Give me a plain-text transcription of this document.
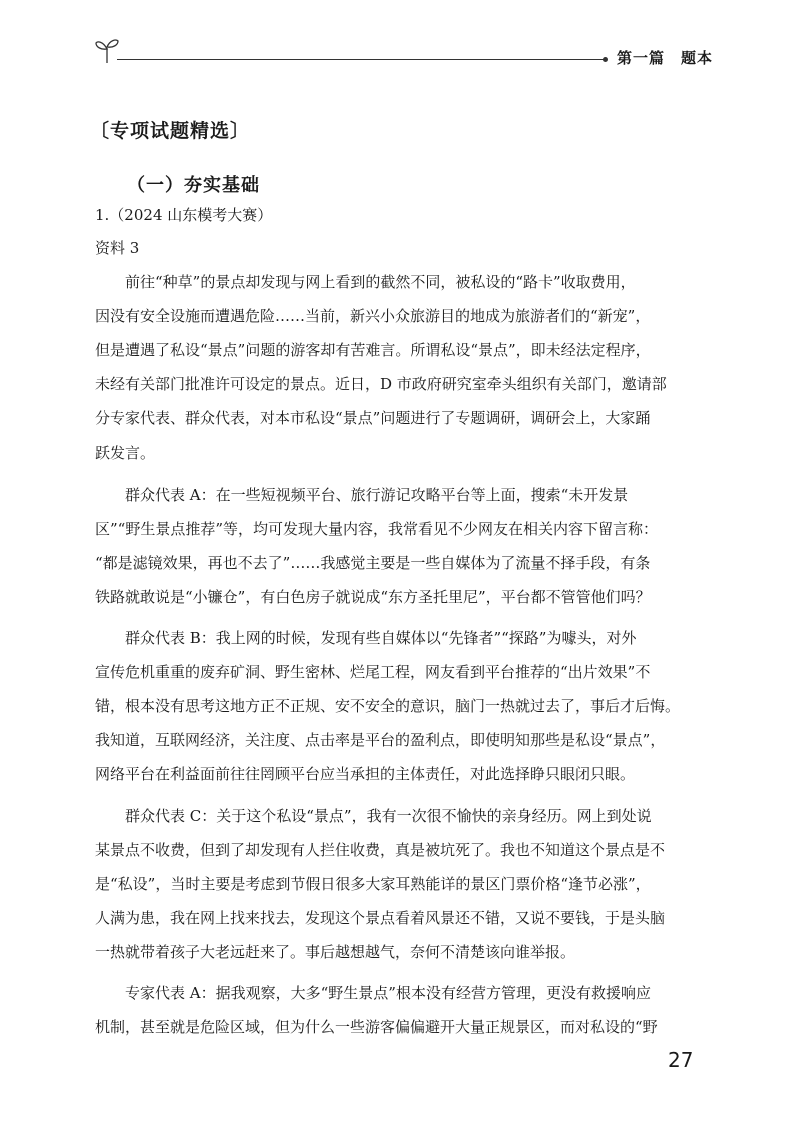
第一篇　题本
〔专项试题精选〕
（一）夯实基础
1.（2024 山东模考大赛）
资料 3
　　前往“种草”的景点却发现与网上看到的截然不同，被私设的“路卡”收取费用，
因没有安全设施而遭遇危险……当前，新兴小众旅游目的地成为旅游者们的“新宠”，
但是遭遇了私设“景点”问题的游客却有苦难言。所谓私设“景点”，即未经法定程序，
未经有关部门批准许可设定的景点。近日，D 市政府研究室牵头组织有关部门，邀请部
分专家代表、群众代表，对本市私设“景点”问题进行了专题调研，调研会上，大家踊
跃发言。
　　群众代表 A：在一些短视频平台、旅行游记攻略平台等上面，搜索“未开发景
区”“野生景点推荐”等，均可发现大量内容，我常看见不少网友在相关内容下留言称：
“都是滤镜效果，再也不去了”……我感觉主要是一些自媒体为了流量不择手段，有条
铁路就敢说是“小镰仓”，有白色房子就说成“东方圣托里尼”，平台都不管管他们吗？
　　群众代表 B：我上网的时候，发现有些自媒体以“先锋者”“探路”为噱头，对外
宣传危机重重的废弃矿洞、野生密林、烂尾工程，网友看到平台推荐的“出片效果”不
错，根本没有思考这地方正不正规、安不安全的意识，脑门一热就过去了，事后才后悔。
我知道，互联网经济，关注度、点击率是平台的盈利点，即使明知那些是私设“景点”，
网络平台在利益面前往往罔顾平台应当承担的主体责任，对此选择睁只眼闭只眼。
　　群众代表 C：关于这个私设“景点”，我有一次很不愉快的亲身经历。网上到处说
某景点不收费，但到了却发现有人拦住收费，真是被坑死了。我也不知道这个景点是不
是“私设”，当时主要是考虑到节假日很多大家耳熟能详的景区门票价格“逢节必涨”，
人满为患，我在网上找来找去，发现这个景点看着风景还不错，又说不要钱，于是头脑
一热就带着孩子大老远赶来了。事后越想越气，奈何不清楚该向谁举报。
　　专家代表 A：据我观察，大多“野生景点”根本没有经营方管理，更没有救援响应
机制，甚至就是危险区域，但为什么一些游客偏偏避开大量正规景区，而对私设的“野
27
